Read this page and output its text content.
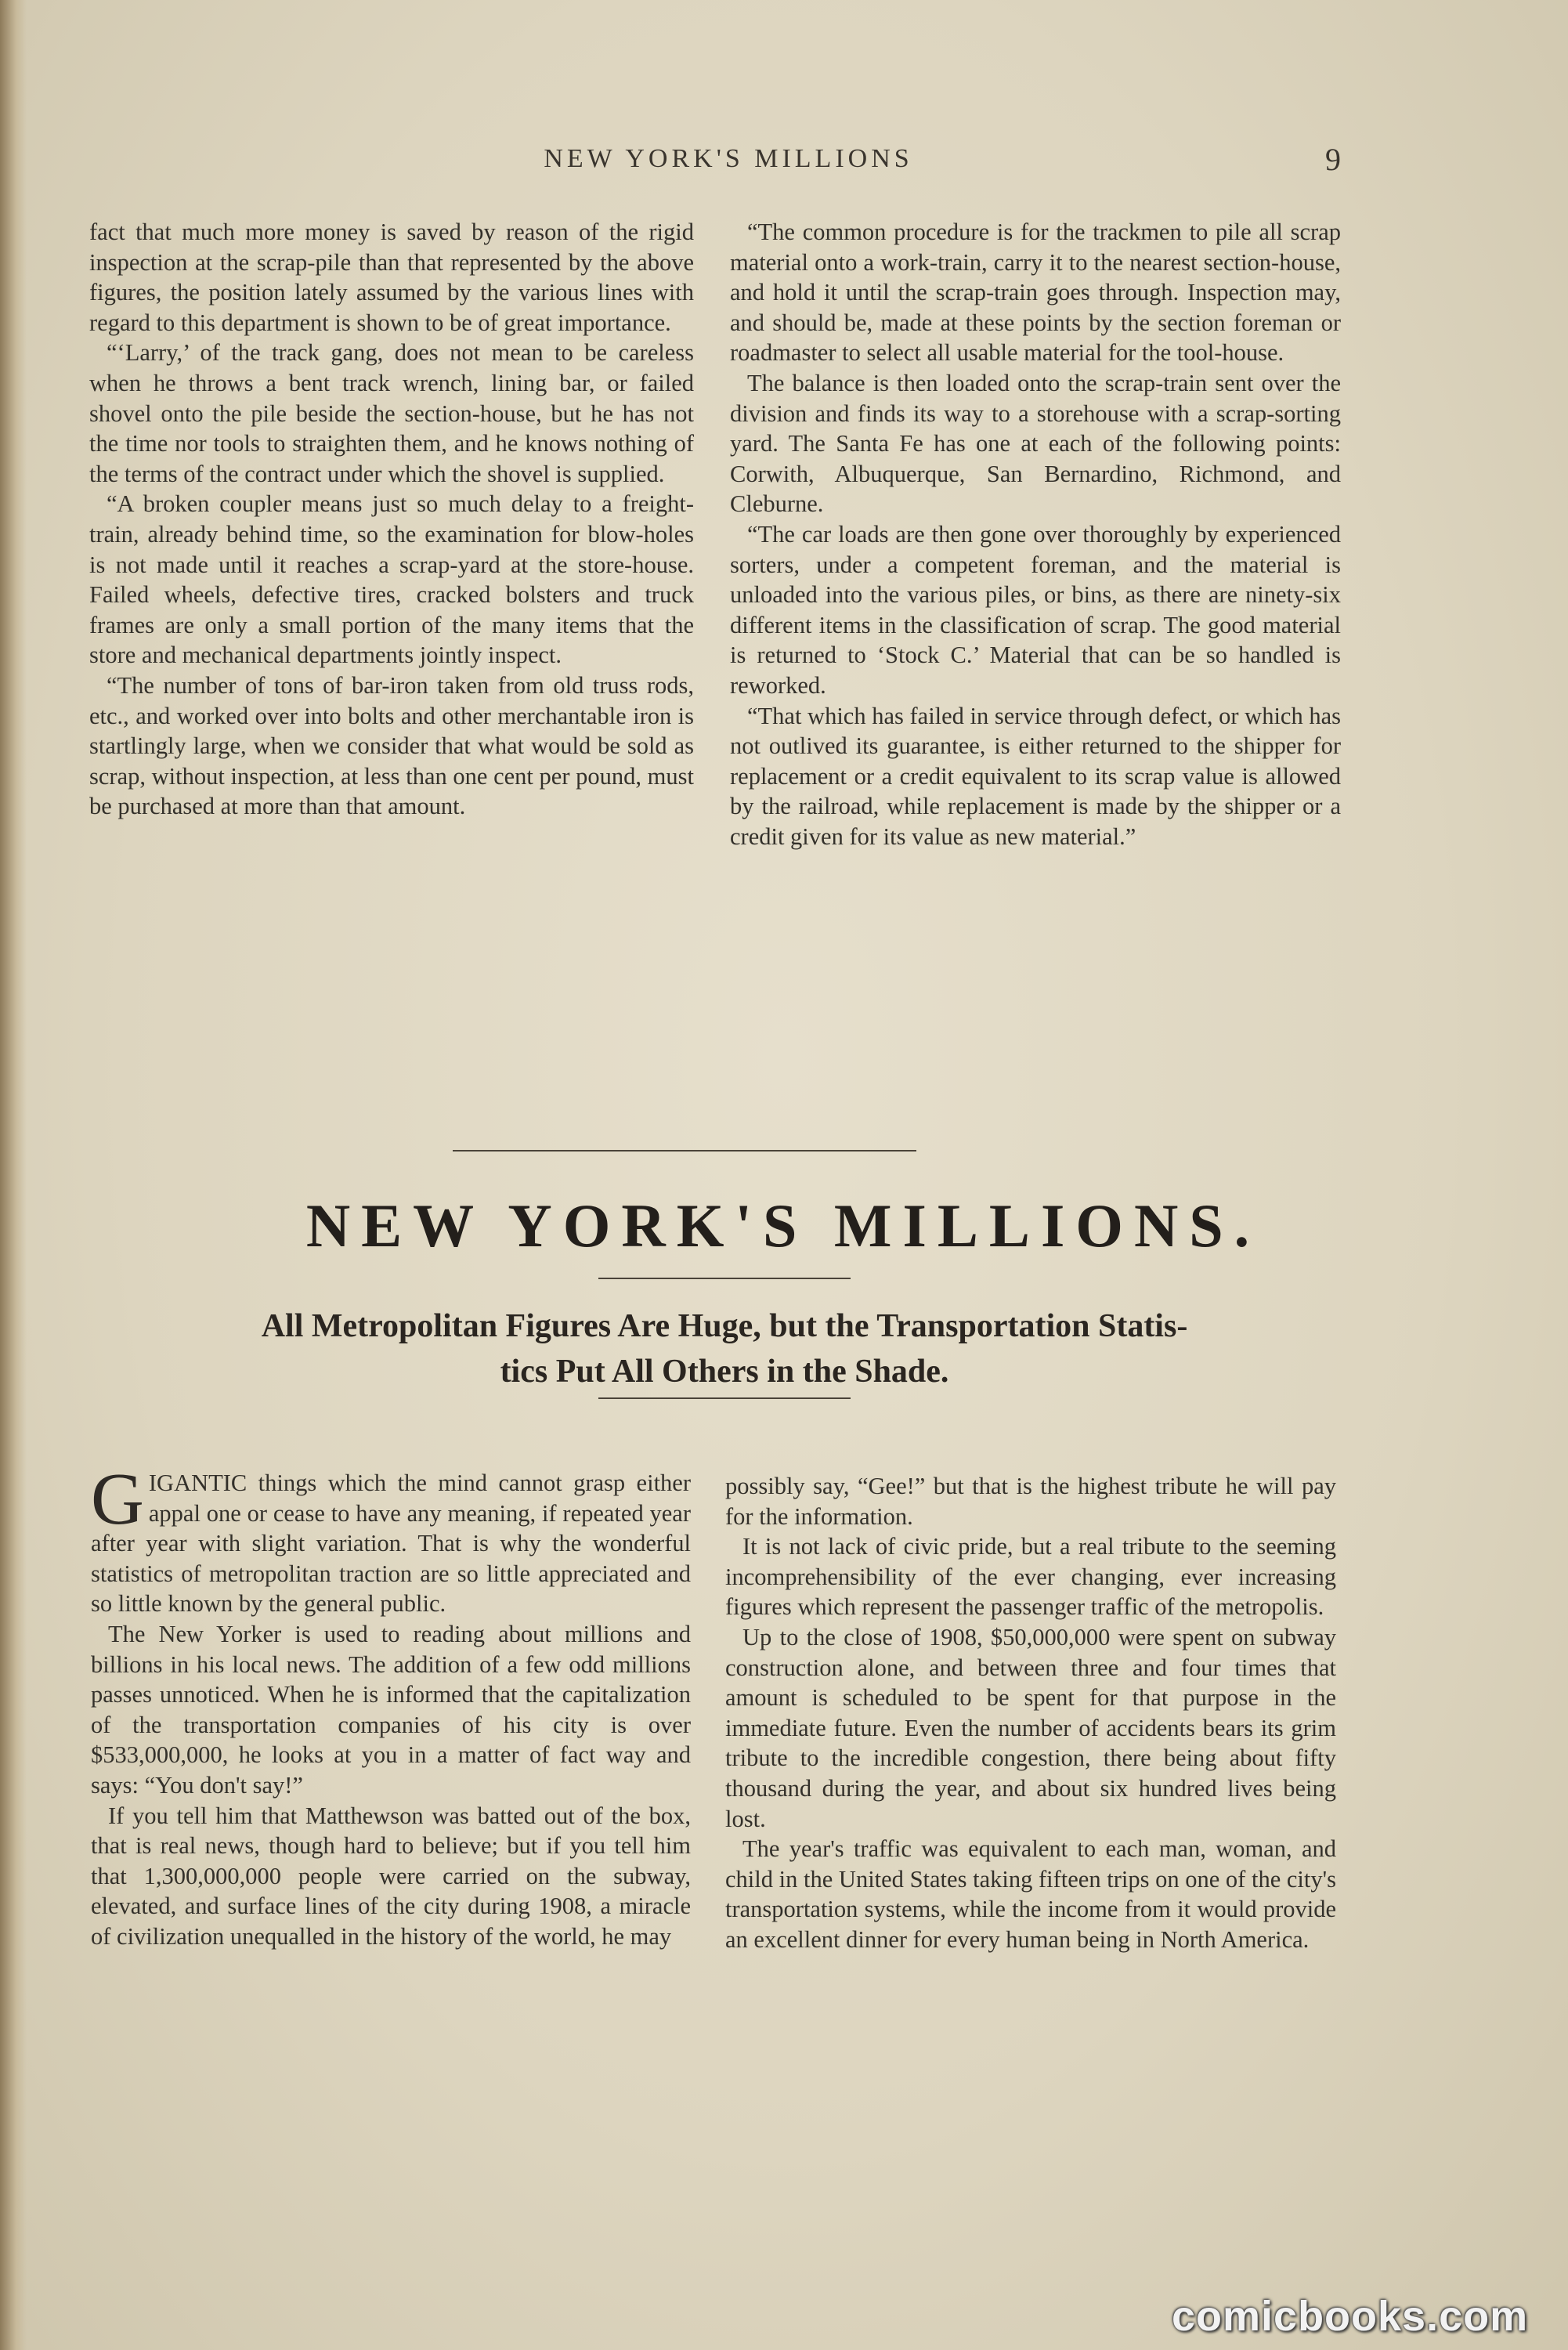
NEW YORK'S MILLIONS	9

fact that much more money is saved by reason of the rigid inspection at the scrap-pile than that represented by the above figures, the position lately assumed by the various lines with regard to this department is shown to be of great importance.

“‘Larry,’ of the track gang, does not mean to be careless when he throws a bent track wrench, lining bar, or failed shovel onto the pile beside the section-house, but he has not the time nor tools to straighten them, and he knows nothing of the terms of the contract under which the shovel is supplied.

“A broken coupler means just so much delay to a freight-train, already behind time, so the examination for blow-holes is not made until it reaches a scrap-yard at the store-house. Failed wheels, defective tires, cracked bolsters and truck frames are only a small portion of the many items that the store and mechanical departments jointly inspect.

“The number of tons of bar-iron taken from old truss rods, etc., and worked over into bolts and other merchantable iron is startlingly large, when we consider that what would be sold as scrap, without inspection, at less than one cent per pound, must be purchased at more than that amount.

“The common procedure is for the trackmen to pile all scrap material onto a work-train, carry it to the nearest section-house, and hold it until the scrap-train goes through. Inspection may, and should be, made at these points by the section foreman or roadmaster to select all usable material for the tool-house.

The balance is then loaded onto the scrap-train sent over the division and finds its way to a storehouse with a scrap-sorting yard. The Santa Fe has one at each of the following points: Corwith, Albuquerque, San Bernardino, Richmond, and Cleburne.

“The car loads are then gone over thoroughly by experienced sorters, under a competent foreman, and the material is unloaded into the various piles, or bins, as there are ninety-six different items in the classification of scrap. The good material is returned to ‘Stock C.’ Material that can be so handled is reworked.

“That which has failed in service through defect, or which has not outlived its guarantee, is either returned to the shipper for replacement or a credit equivalent to its scrap value is allowed by the railroad, while replacement is made by the shipper or a credit given for its value as new material.”

NEW YORK'S MILLIONS.
All Metropolitan Figures Are Huge, but the Transportation Statis-
tics Put All Others in the Shade.

GIGANTIC things which the mind cannot grasp either appal one or cease to have any meaning, if repeated year after year with slight variation. That is why the wonderful statistics of metropolitan traction are so little appreciated and so little known by the general public.

The New Yorker is used to reading about millions and billions in his local news. The addition of a few odd millions passes unnoticed. When he is informed that the capitalization of the transportation companies of his city is over $533,000,000, he looks at you in a matter of fact way and says: “You don't say!”

If you tell him that Matthewson was batted out of the box, that is real news, though hard to believe; but if you tell him that 1,300,000,000 people were carried on the subway, elevated, and surface lines of the city during 1908, a miracle of civilization unequalled in the history of the world, he may

possibly say, “Gee!” but that is the highest tribute he will pay for the information.

It is not lack of civic pride, but a real tribute to the seeming incomprehensibility of the ever changing, ever increasing figures which represent the passenger traffic of the metropolis.

Up to the close of 1908, $50,000,000 were spent on subway construction alone, and between three and four times that amount is scheduled to be spent for that purpose in the immediate future. Even the number of accidents bears its grim tribute to the incredible congestion, there being about fifty thousand during the year, and about six hundred lives being lost.

The year's traffic was equivalent to each man, woman, and child in the United States taking fifteen trips on one of the city's transportation systems, while the income from it would provide an excellent dinner for every human being in North America.

comicbooks.com
